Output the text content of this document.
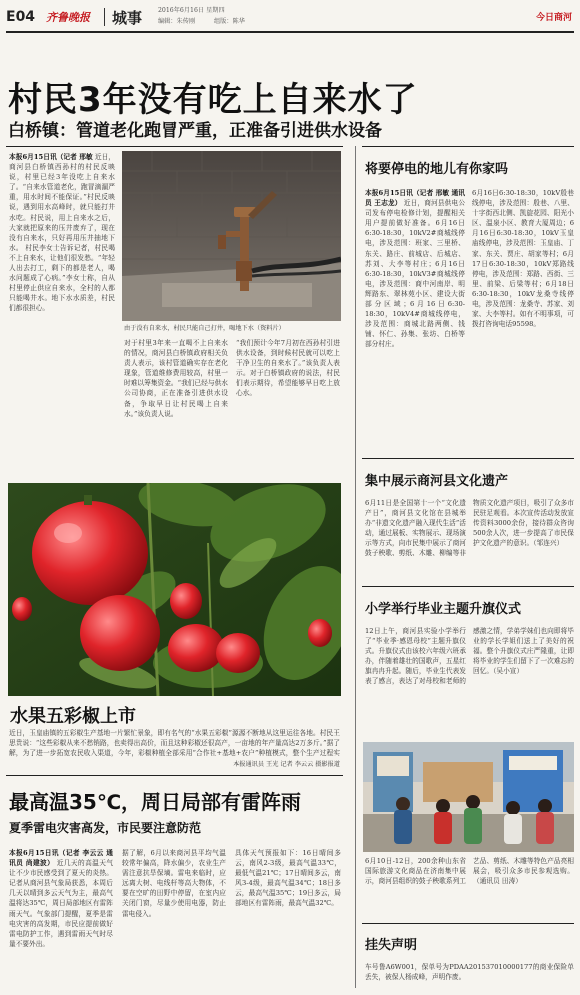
E04 齐鲁晚报 城事	2016年6月16日 星期四
编辑：朱传刚	组版：陈华	今日商河
村民3年没有吃上自来水了
白桥镇：管道老化跑冒严重，正准备引进供水设备
本报6月15日讯（记者 邢敏 近日，商河县白桥镇西孙村的村民反映说，村里已经3年没吃上自来水了。“自来水管道老化，跑冒滴漏严重，用水时间不能保证。”村民反映说，遇到用水高峰时，就只能打井水吃。村民说，用上自来水之后，大家就把原来的压井废弃了，现在没有自来水，只好再用压井抽地下水。 村民李女士告诉记者，村民喝不上自来水，让他们很发愁。“年轻人出去打工，剩下的都是老人，喝水问题成了心病。”李女士称，自从村里停止供应自来水，全村的人都只能喝井水。地下水水质差，村民们都很担心。
由于没有自来水，村民只能自己打井，喝地下水（资料片）
对于村里3年来一直喝不上自来水的情况，商河县白桥镇政府相关负责人表示，该村管道确实存在老化现象，管道维修费用较高，村里一时难以筹集资金。“我们已经与供水公司协商，正在准备引进供水设备，争取早日让村民喝上自来水。”该负责人说。
“我们预计今年7月初在西孙村引进供水设备，到时候村民就可以吃上干净卫生的自来水了。”该负责人表示。对于白桥镇政府的说法，村民们表示期待，希望能够早日吃上放心水。
水果五彩椒上市
近日，玉皇庙镇的五彩椒生产基地一片繁忙景象，即有名气的“水果五彩椒”源源不断地从这里运往各地。村民王思贵说：“这些彩椒从来不愁销路，也卖得出高价，而且这种彩椒还很高产，一亩地的年产量高达2万多斤。”据了解，为了进一步拓宽农民收入渠道，今年，彩椒种植全部采用“合作社+基地+农户”种植模式，整个生产过程实
本报通讯员 王光 记者 李云云 摄影报道
最高温35℃，周日局部有雷阵雨
夏季雷电灾害高发，市民要注意防范
本报6月15日讯（记者 李云云 通讯员 尚建波） 近几天的高温天气让不少市民感受到了夏天的炎热。记者从商河县气象局获悉，本周后几天以晴到多云天气为主，最高气温将达35℃，周日局部地区有雷阵雨天气。气象部门提醒，夏季是雷电灾害的高发期，市民应提前做好雷电防护工作，遇到雷雨天气时尽量不要外出。
据了解，6月以来商河县平均气温较常年偏高，降水偏少，农业生产需注意抗旱保墒。雷电来临时，应远离大树、电线杆等高大物体，不要在空旷的田野中停留，在室内应关闭门窗，尽量少使用电器，防止雷电侵入。
具体天气预报如下：16日晴间多云，南风2-3级，最高气温33℃，最低气温21℃；17日晴间多云，南风3-4级，最高气温34℃；18日多云，最高气温35℃；19日多云，局部地区有雷阵雨，最高气温32℃。
将要停电的地儿有你家吗
本报6月15日讯（记者 邢敏 通讯员 王志龙） 近日，商河县供电公司发布停电检修计划，提醒相关用户提前做好准备。6月16日6:30-18:30，10kV2#商城线停电，涉及范围：班家、三里桥、东关、路庄、前城店、后城店、苏刘、大李等村庄；6月16日6:30-18:30，10kV3#商城线停电，涉及范围：商中河南岸、明辉路东、翠林苑小区、建设大街部分区域；6月16日6:30-18:30，10kV4#商城线停电，涉及范围：商城北路两侧、钱铺、怀仁、孙集、张坊、白桥等部分村庄。
6月16日6:30-18:30，10kV殷巷线停电，涉及范围：殷巷、八里、十字街西北侧、凯旋花园、阳光小区、温泉小区、教育大厦周边；6月16日6:30-18:30，10kV玉皇庙线停电，涉及范围：玉皇庙、丁家、东关、贾庄、胡家等村；6月17日6:30-18:30，10kV郑路线停电，涉及范围：郑路、西街、三里、前梁、后梁等村；6月18日6:30-18:30，10kV龙桑寺线停电，涉及范围：龙桑寺、苏家、刘家、大李等村。如有不明事项，可拨打咨询电话95598。
集中展示商河县文化遗产
6月11日是全国第十一个“文化遗产日”，商河县文化馆在县城举办“非遗文化遗产融入现代生活”活动，通过展板、实物展示、现场演示等方式，向市民集中展示了商河鼓子秧歌、剪纸、木雕、柳编等非物质文化遗产项目，吸引了众多市民驻足观看。本次宣传活动发放宣传资料3000余份，接待群众咨询500余人次，进一步提高了市民保护文化遗产的意识。（邹连兴）
小学举行毕业主题升旗仪式
12日上午，商河县实验小学举行了“毕业季·感恩母校”主题升旗仪式。升旗仪式由该校六年级六班承办，伴随着雄壮的国歌声，五星红旗冉冉升起。随后，毕业生代表发表了感言，表达了对母校和老师的感激之情，学弟学妹们也向即将毕业的学长学姐们送上了美好的祝福。整个升旗仪式庄严隆重，让即将毕业的学生们留下了一次难忘的回忆。（吴小宣）
6月10日-12日，200余种山东省国际旅游文化商品在济南集中展示，商河县组织的鼓子秧歌系列工艺品、剪纸、木雕等特色产品亮相展会，吸引众多市民参观选购。（通讯员 田涛）
挂失声明
车号鲁A6W001，保单号为PDAA201537010000177的商业保险单丢失，被保人杨成峰，声明作废。
